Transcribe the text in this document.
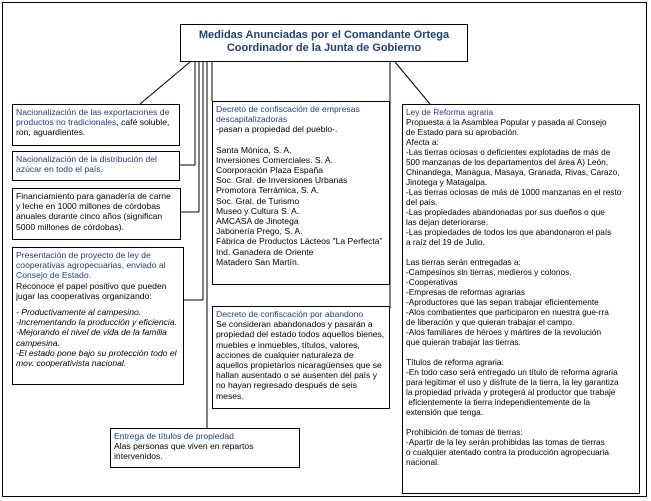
Medidas Anunciadas por el Comandante Ortega
Coordinador de la Junta de Gobierno
Nacionalización de las exportaciones de productos no tradicionales, café soluble, ron, aguardientes.
Nacionalización de la distribución del azúcar en todo el país.
Financiamiento para ganadería de carne y leche en 1000 millones de córdobas anuales durante cinco años (significan 5000 millones de córdobas).
Presentación de proyecto de ley de cooperativas agropecuarias, enviado al Consejo de Estado.
Reconoce el papel positivo que pueden jugar las cooperativas organizando:
- Productivamente al campesino.
-Incrementando la producción y eficiencia.
-Mejorando el nivel de vida de la familia campesina.
-El estado pone bajo su protección todo el mov. cooperativista nacional.
Decreto de confiscación de empresas descapitalizadoras
-pasan a propiedad del pueblo-.
Santa Mónica, S. A.
Inversiones Comerciales. S. A.
Coorporación Plaza España
Soc. Gral. de Inversiones Urbanas
Promotora Terrámica, S. A.
Soc. Gral. de Turismo
Museo y Cultura S. A.
AMCASA de Jinotega
Jabonería Prego, S. A.
Fábrica de Productos Lácteos "La Perfecta"
Ind. Ganadera de Oriente
Matadero San Martín.
Decreto de confiscación por abandono
Se consideran abandonados y pasarán a propiedad del estado todos aquellos bienes, muebles e inmuebles, títulos, valores, acciones de cualquier naturaleza de aquellos propietarios nicaragüenses que se hallan ausentado o se ausenten del país y no hayan regresado después de seis meses.
Entrega de títulos de propiedad
Alas personas que viven en repartos intervenidos.
Ley de Reforma agraria
Propuesta a la Asamblea Popular y pasada al Consejo
de Estado para su aprobación.
Afecta a:
-Las tierras ociosas o deficientes explotadas de más de
500 manzanas de los departamentos del área A) León,
Chinandega, Managua, Masaya, Granada, Rivas, Carazo,
Jinotega y Matagalpa.
-Las tierras ociosas de más de 1000 manzanas en el resto
del país.
-Las propiedades abandonadas por sus dueños o que
las dejan deteriorarse.
-Las propiedades de todos los que abandonaron el país
a raíz del 19 de Julio.
Las tierras serán entregadas a:
-Campesinos sin tierras, medieros y colonos.
-Cooperativas
-Empresas de reformas agrarias
-Aproductores que las sepan trabajar eficientemente
-Alos combatientes que participaron en nuestra gue-rra
de liberación y que quieran trabajar el campo.
-Alos familiares de héroes y mártires de la revolución
que quieran trabajar las tierras.
Títulos de reforma agraria:
-En todo caso será entregado un título de reforma agraria
para legitimar el uso y disfrute de la tierra, la ley garantiza
la propiedad privada y protegerá al productor que trabaje
eficientemente la tierra independientemente de la
extensión que tenga.
Prohibición de tomas de tierras:
-Apartir de la ley serán prohibidas las tomas de tierras
o cualquier atentado contra la producción agropecuaria
nacional.
